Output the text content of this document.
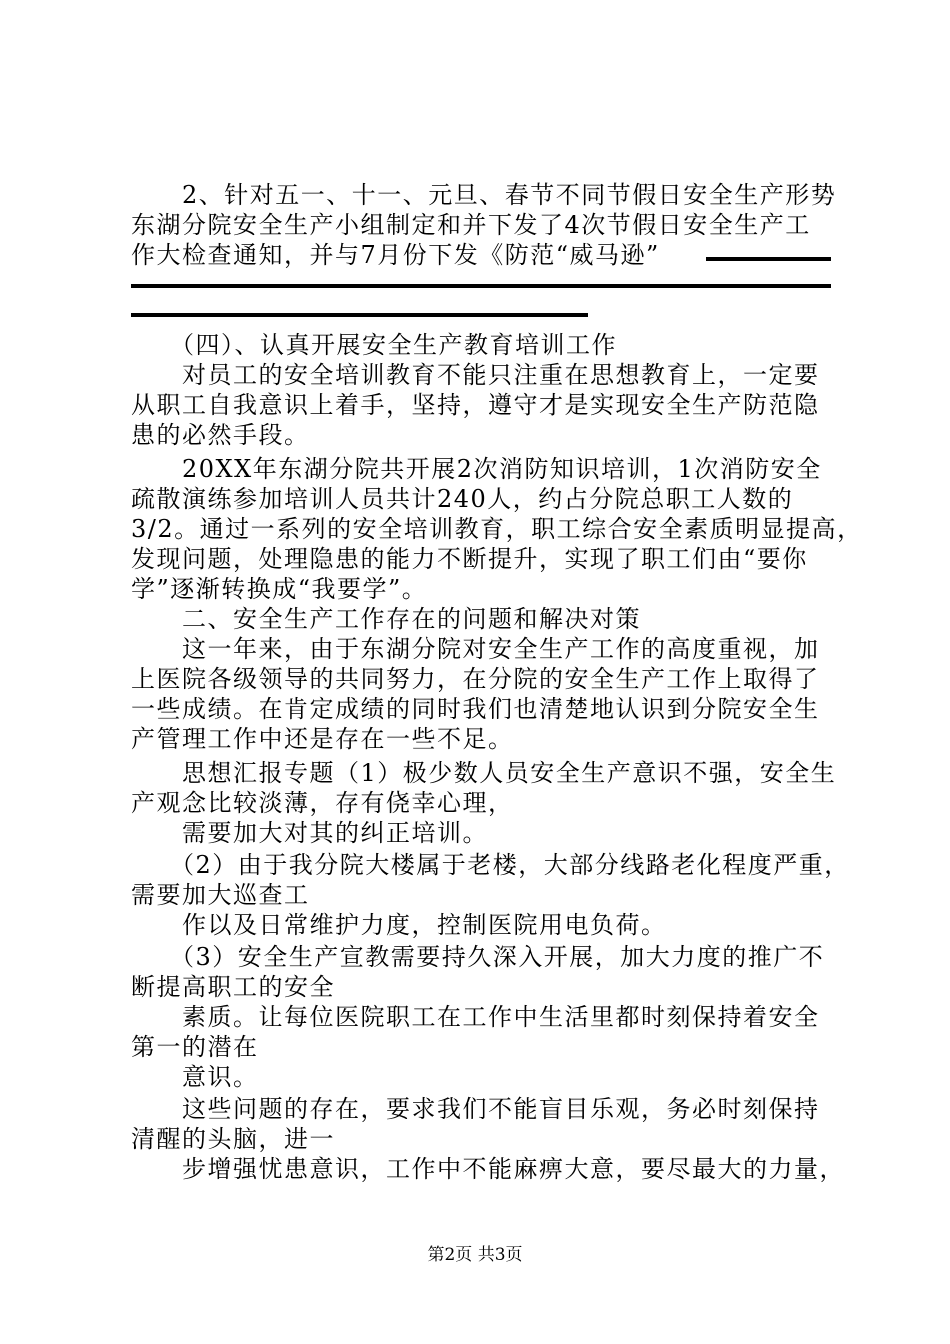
　　2、针对五一、十一、元旦、春节不同节假日安全生产形势
东湖分院安全生产小组制定和并下发了4次节假日安全生产工
作大检查通知，并与7月份下发《防范“威马逊”
　　（四）、认真开展安全生产教育培训工作
　　对员工的安全培训教育不能只注重在思想教育上，一定要
从职工自我意识上着手，坚持，遵守才是实现安全生产防范隐
患的必然手段。
　　20XX年东湖分院共开展2次消防知识培训，1次消防安全
疏散演练参加培训人员共计240人，约占分院总职工人数的
3/2。通过一系列的安全培训教育，职工综合安全素质明显提高，
发现问题，处理隐患的能力不断提升，实现了职工们由“要你
学”逐渐转换成“我要学”。
　　二、安全生产工作存在的问题和解决对策
　　这一年来，由于东湖分院对安全生产工作的高度重视，加
上医院各级领导的共同努力，在分院的安全生产工作上取得了
一些成绩。在肯定成绩的同时我们也清楚地认识到分院安全生
产管理工作中还是存在一些不足。
　　思想汇报专题（1）极少数人员安全生产意识不强，安全生
产观念比较淡薄，存有侥幸心理，
　　需要加大对其的纠正培训。
　　（2）由于我分院大楼属于老楼，大部分线路老化程度严重，
需要加大巡查工
　　作以及日常维护力度，控制医院用电负荷。
　　（3）安全生产宣教需要持久深入开展，加大力度的推广不
断提高职工的安全
　　素质。让每位医院职工在工作中生活里都时刻保持着安全
第一的潜在
　　意识。
　　这些问题的存在，要求我们不能盲目乐观，务必时刻保持
清醒的头脑，进一
　　步增强忧患意识，工作中不能麻痹大意，要尽最大的力量，
第2页 共3页
